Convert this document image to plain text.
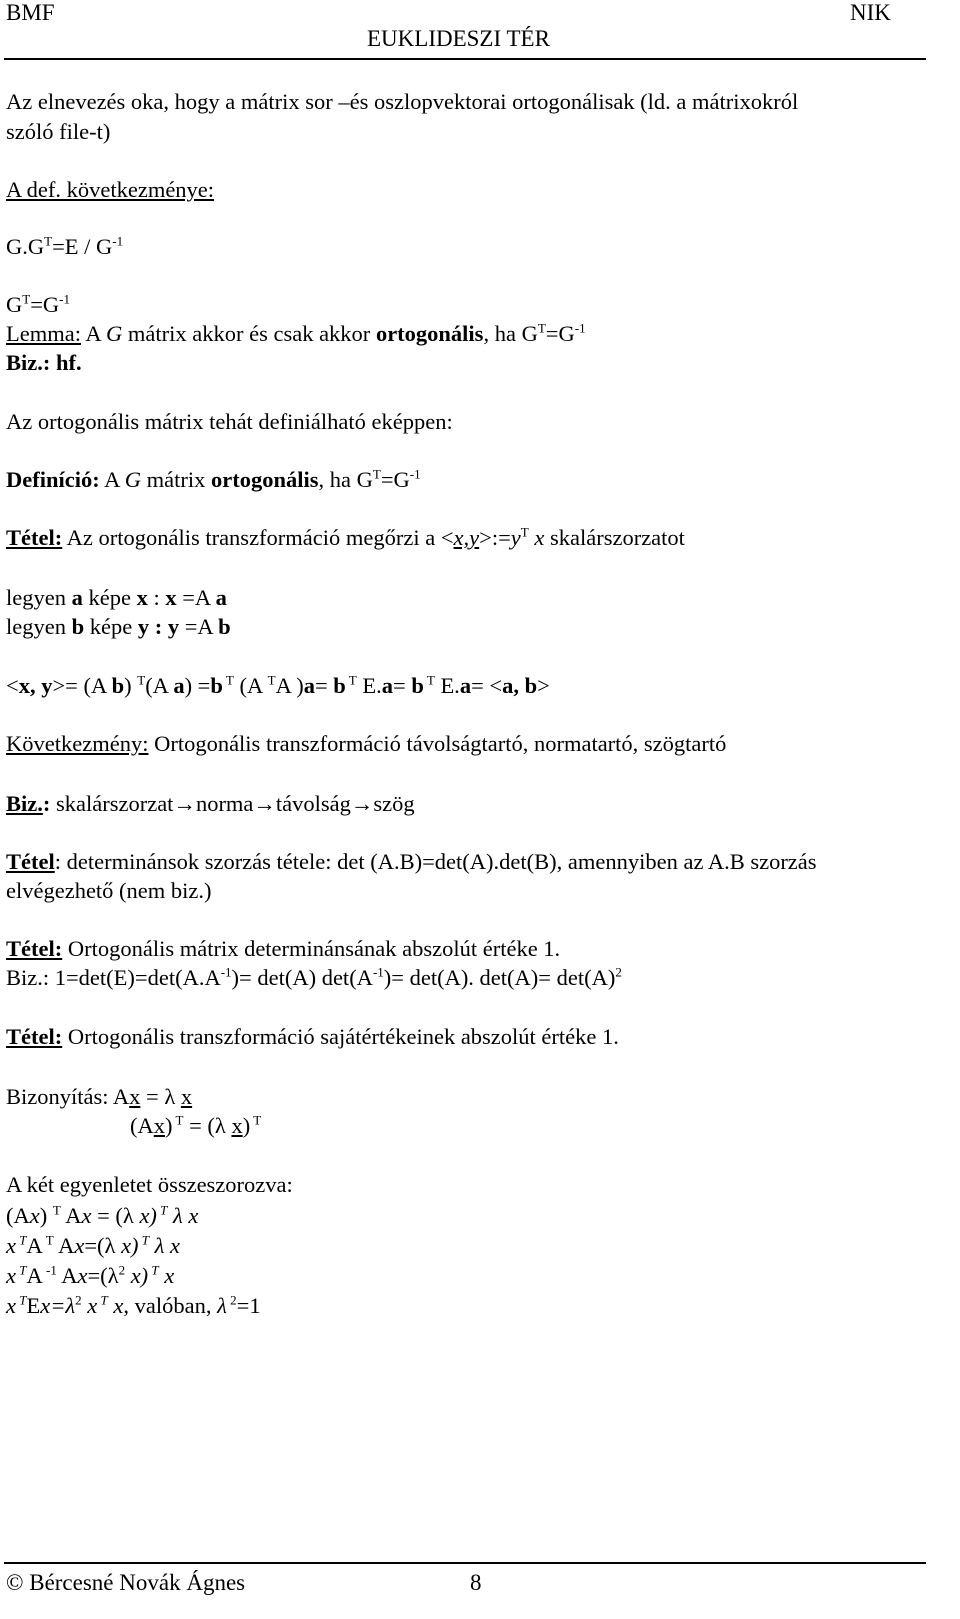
BMF
EUKLIDESZI TÉR
NIK
Az elnevezés oka, hogy a mátrix sor –és oszlopvektorai ortogonálisak (ld. a mátrixokról
szóló file-t)
A def. következménye:
$G.G^T=E / G^{-1}$
$G^T=G^{-1}$
Lemma: A G mátrix akkor és csak akkor ortogonális, ha $G^T=G^{-1}$
Biz.: hf.
Az ortogonális mátrix tehát definiálható eképpen:
Definíció: A G mátrix ortogonális, ha $G^T=G^{-1}$
Tétel: Az ortogonális transzformáció megőrzi $a <x,y>:=y^T$ x skalárszorzatot
legyen a képe x : x =A a
legyen b képe y : y =A b
<x, y>= (A b) $^T$(A a) =b $^T$ (A $^T$A )a= b $^T$ E.a= b $^T$ E.a= <a, b>
Következmény: Ortogonális transzformáció távolságtartó, normatartó, szögtartó
Biz.: skalárszorzat→norma→távolság→szög
Tétel: determinánsok szorzás tétele: det (A.B)=det(A).det(B), amennyiben az A.B szorzás
elvégezhető (nem biz.)
Tétel: Ortogonális mátrix determinánsának abszolút értéke 1.
Biz.: $1=\det(E)=\det(A.A^{-1})= \det(A)$ $\det(A^{-1})= \det(A)$. $\det(A)= \det(A)^2$
Tétel: Ortogonális transzformáció sajátértékeinek abszolút értéke 1.
Bizonyítás: Ax = λ x
(Ax) $^T$ = (λ x) $^T$
A két egyenletet összeszorozva:
(Ax) $^T$ Ax = (λ x) $^T$ λ x
x $^T$A $^T$ Ax=(λ x) $^T$ λ x
x $^T$A $^{-1}$ $Ax=(\lambda^2$ x) $^T$ x
x $^TEx=\lambda^2$ x $^T$ x, valóban, λ $^2$=1
© Bércesné Novák Ágnes	8
